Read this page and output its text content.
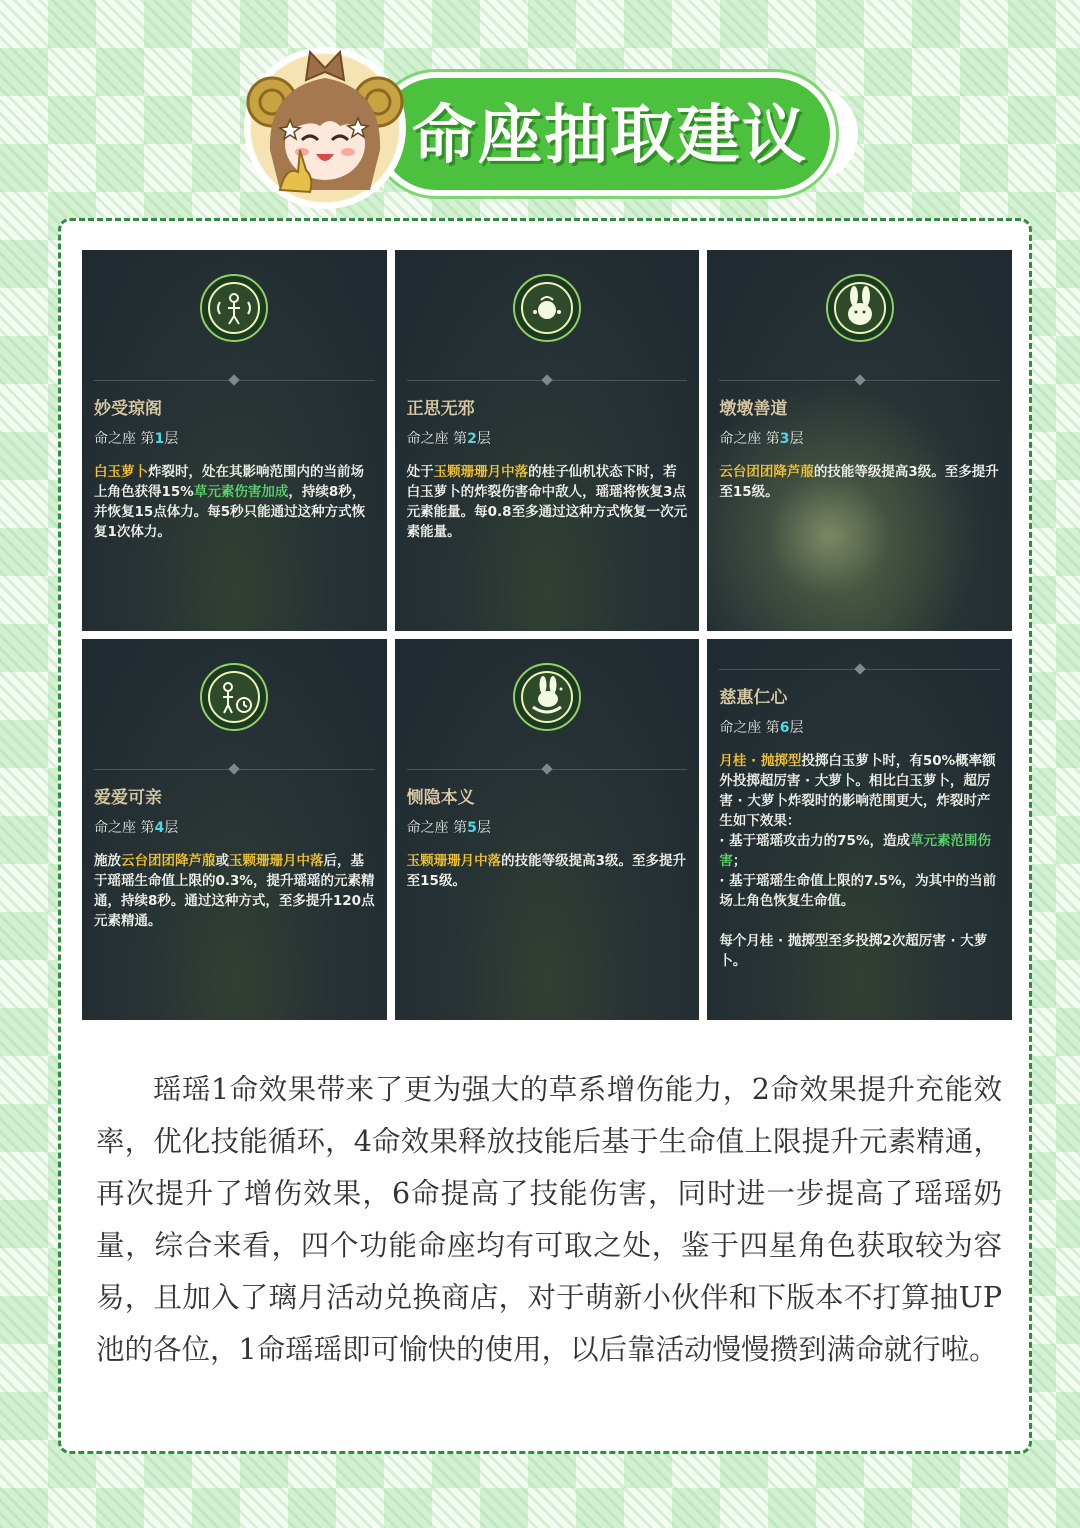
命座抽取建议
妙受琼阁
命之座 第1层
白玉萝卜炸裂时，处在其影响范围内的当前场上角色获得15%草元素伤害加成，持续8秒，并恢复15点体力。每5秒只能通过这种方式恢复1次体力。
正思无邪
命之座 第2层
处于玉颗珊珊月中落的桂子仙机状态下时，若白玉萝卜的炸裂伤害命中敌人，瑶瑶将恢复3点元素能量。每0.8至多通过这种方式恢复一次元素能量。
墩墩善道
命之座 第3层
云台团团降芦菔的技能等级提高3级。至多提升至15级。
爱爱可亲
命之座 第4层
施放云台团团降芦菔或玉颗珊珊月中落后，基于瑶瑶生命值上限的0.3%，提升瑶瑶的元素精通，持续8秒。通过这种方式，至多提升120点元素精通。
恻隐本义
命之座 第5层
玉颗珊珊月中落的技能等级提高3级。至多提升至15级。
慈惠仁心
命之座 第6层
月桂 · 抛掷型投掷白玉萝卜时，有50%概率额外投掷超厉害 · 大萝卜。相比白玉萝卜，超厉害 · 大萝卜炸裂时的影响范围更大，炸裂时产生如下效果：
· 基于瑶瑶攻击力的75%，造成草元素范围伤害；
· 基于瑶瑶生命值上限的7.5%，为其中的当前场上角色恢复生命值。

每个月桂 · 抛掷型至多投掷2次超厉害 · 大萝卜。
瑶瑶1命效果带来了更为强大的草系增伤能力，2命效果提升充能效率，优化技能循环，4命效果释放技能后基于生命值上限提升元素精通，再次提升了增伤效果，6命提高了技能伤害，同时进一步提高了瑶瑶奶量，综合来看，四个功能命座均有可取之处，鉴于四星角色获取较为容易，且加入了璃月活动兑换商店，对于萌新小伙伴和下版本不打算抽UP池的各位，1命瑶瑶即可愉快的使用，以后靠活动慢慢攒到满命就行啦。
